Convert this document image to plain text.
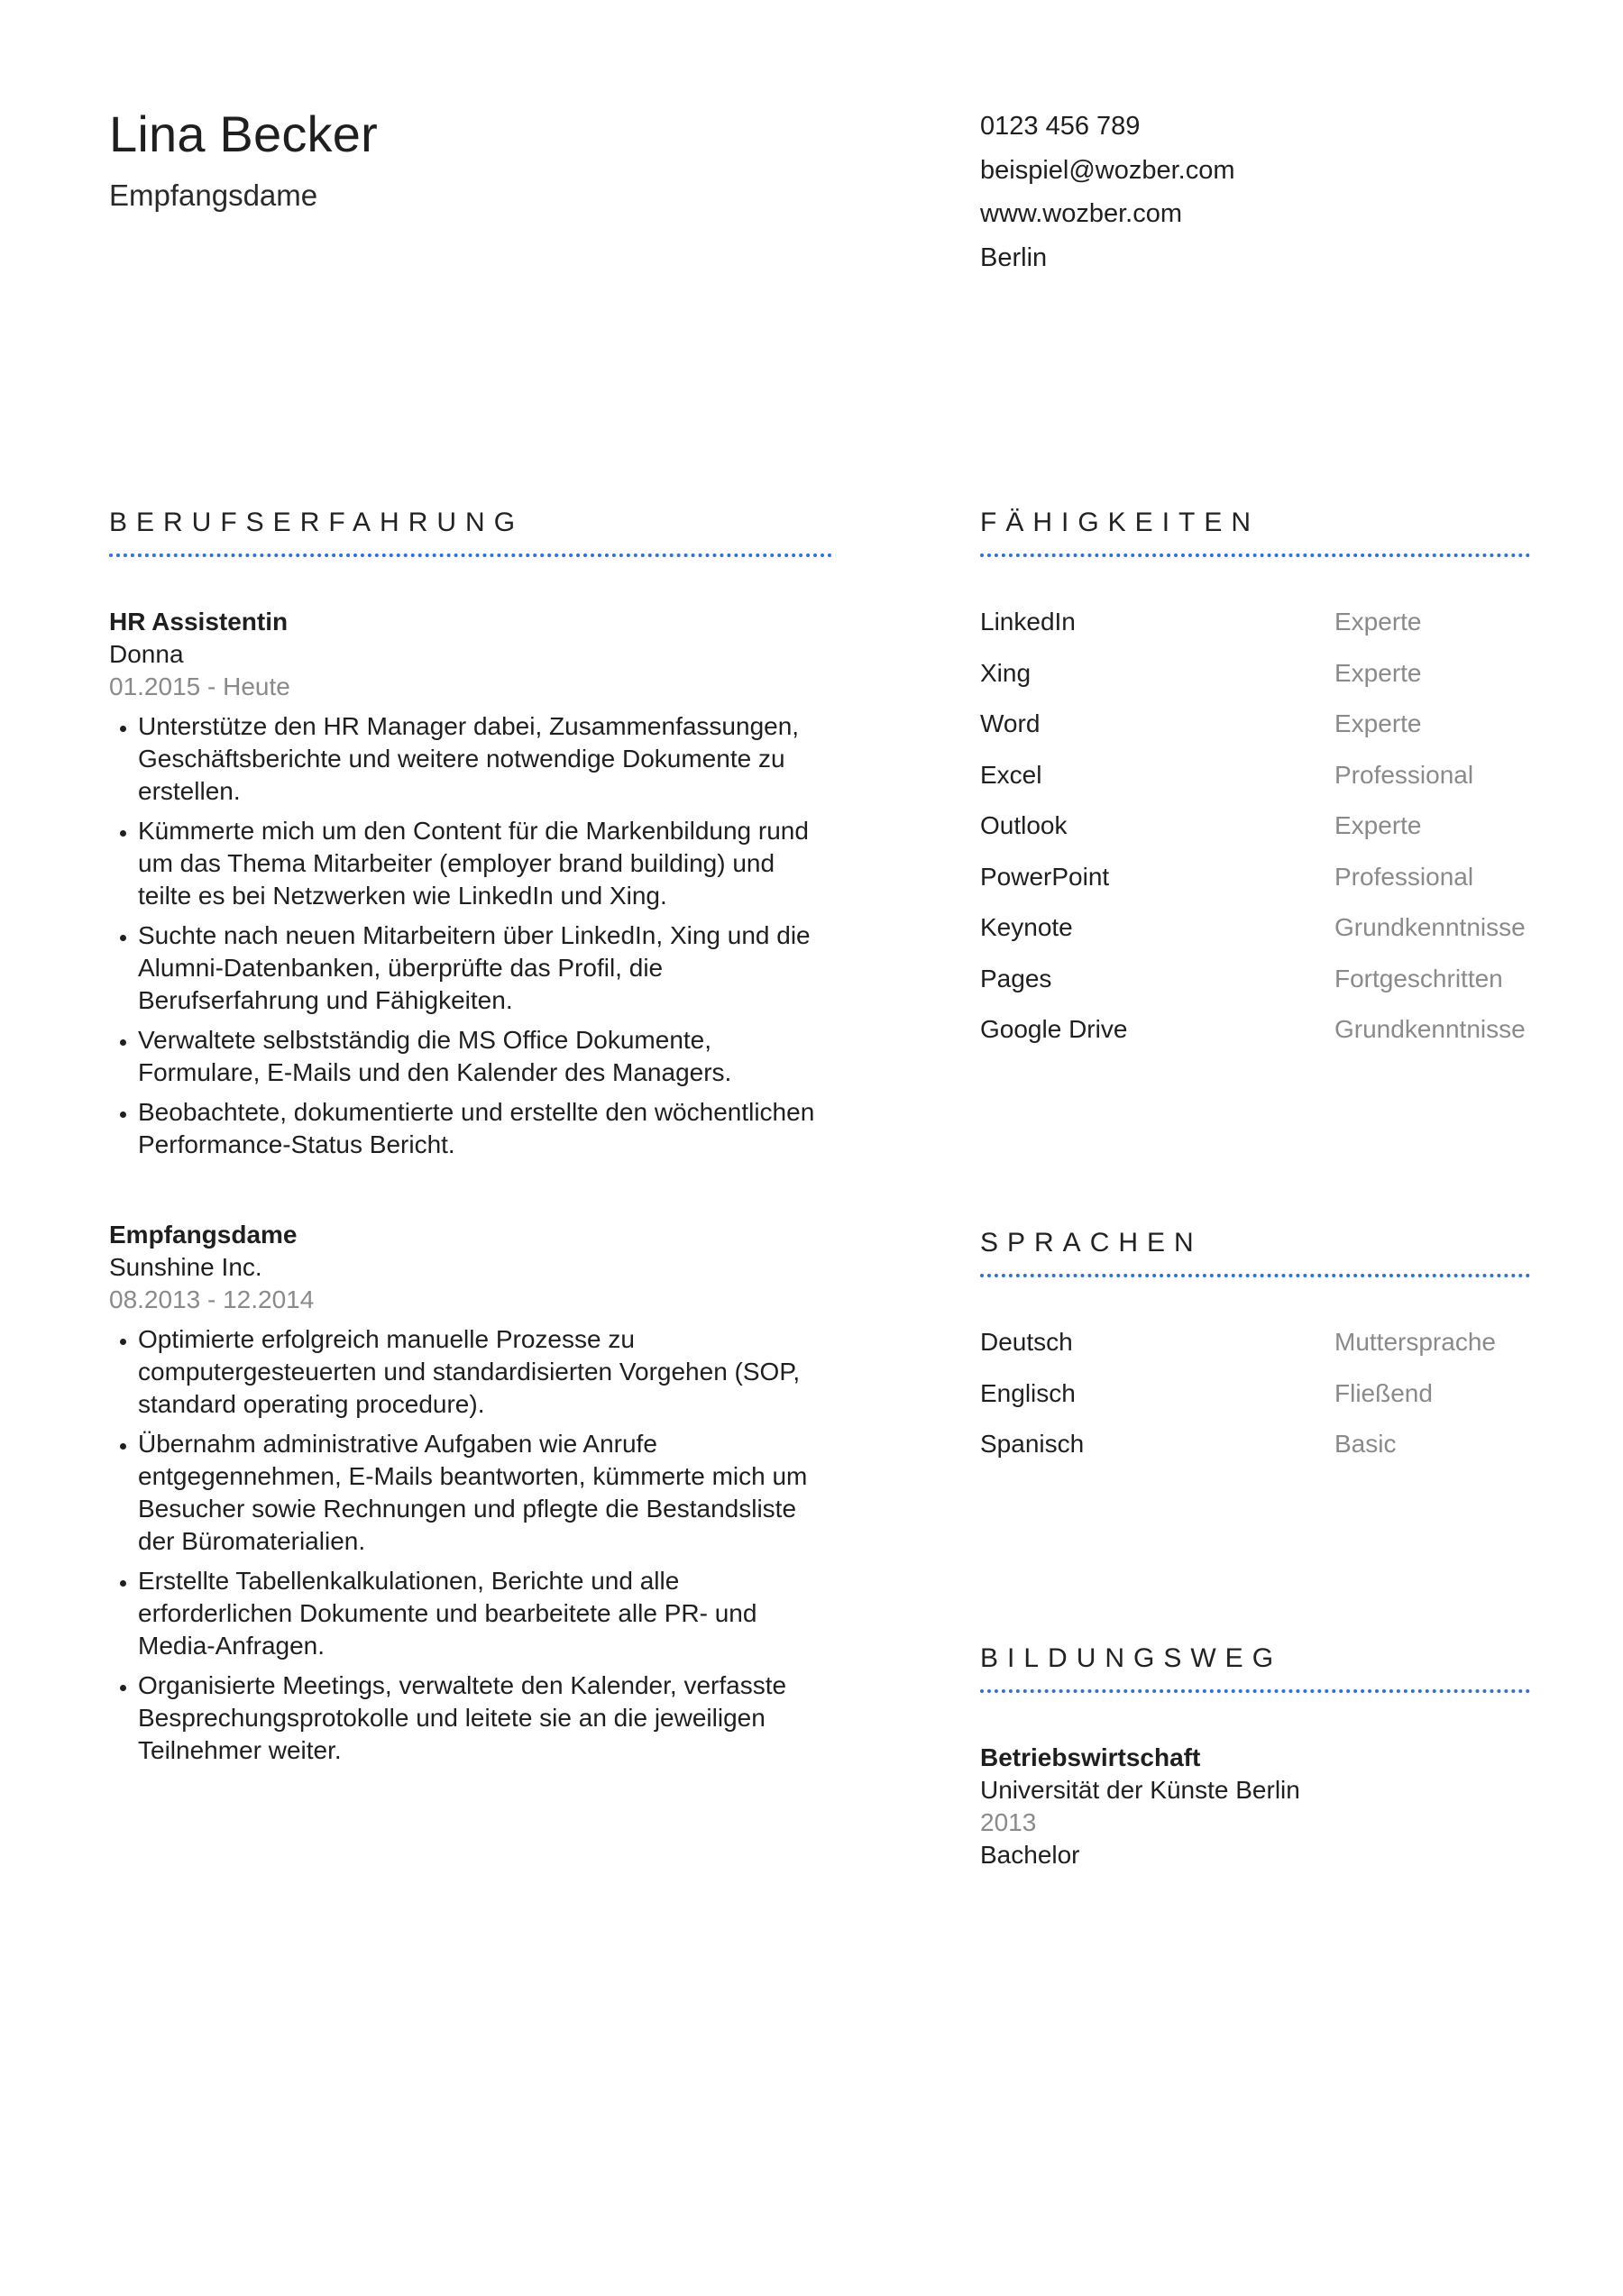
Lina Becker
Empfangsdame
0123 456 789
beispiel@wozber.com
www.wozber.com
Berlin
BERUFSERFAHRUNG
HR Assistentin
Donna
01.2015 - Heute
• Unterstütze den HR Manager dabei, Zusammenfassungen, Geschäftsberichte und weitere notwendige Dokumente zu erstellen.
• Kümmerte mich um den Content für die Markenbildung rund um das Thema Mitarbeiter (employer brand building) und teilte es bei Netzwerken wie LinkedIn und Xing.
• Suchte nach neuen Mitarbeitern über LinkedIn, Xing und die Alumni-Datenbanken, überprüfte das Profil, die Berufserfahrung und Fähigkeiten.
• Verwaltete selbstständig die MS Office Dokumente, Formulare, E-Mails und den Kalender des Managers.
• Beobachtete, dokumentierte und erstellte den wöchentlichen Performance-Status Bericht.
Empfangsdame
Sunshine Inc.
08.2013 - 12.2014
• Optimierte erfolgreich manuelle Prozesse zu computergesteuerten und standardisierten Vorgehen (SOP, standard operating procedure).
• Übernahm administrative Aufgaben wie Anrufe entgegennehmen, E-Mails beantworten, kümmerte mich um Besucher sowie Rechnungen und pflegte die Bestandsliste der Büromaterialien.
• Erstellte Tabellenkalkulationen, Berichte und alle erforderlichen Dokumente und bearbeitete alle PR- und Media-Anfragen.
• Organisierte Meetings, verwaltete den Kalender, verfasste Besprechungsprotokolle und leitete sie an die jeweiligen Teilnehmer weiter.
FÄHIGKEITEN
LinkedIn	Experte
Xing	Experte
Word	Experte
Excel	Professional
Outlook	Experte
PowerPoint	Professional
Keynote	Grundkenntnisse
Pages	Fortgeschritten
Google Drive	Grundkenntnisse
SPRACHEN
Deutsch	Muttersprache
Englisch	Fließend
Spanisch	Basic
BILDUNGSWEG
Betriebswirtschaft
Universität der Künste Berlin
2013
Bachelor
